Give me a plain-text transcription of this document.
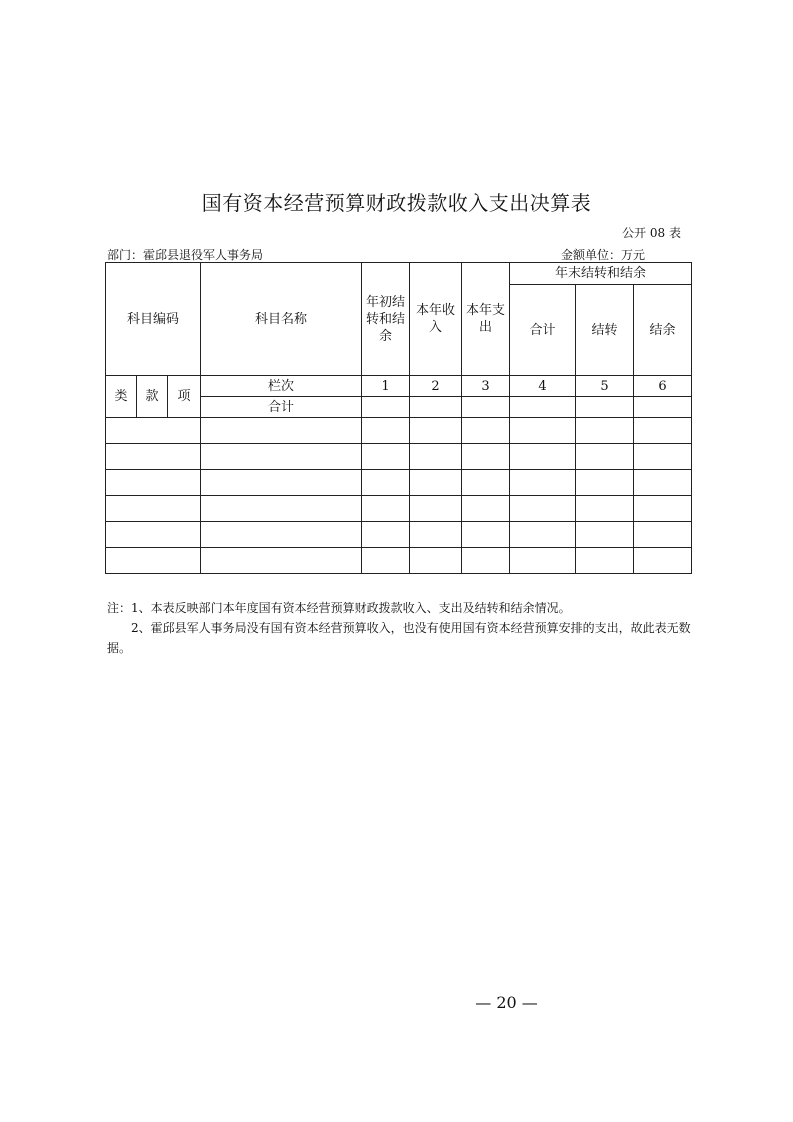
国有资本经营预算财政拨款收入支出决算表
公开 08 表
部门：霍邱县退役军人事务局	金额单位：万元
科目编码			科目名称	年初结转和结余	本年收入	本年支出	年末结转和结余		
							合计	结转	结余
类	款	项	栏次	1	2	3	4	5	6
			合计						

注：1、本表反映部门本年度国有资本经营预算财政拨款收入、支出及结转和结余情况。

2、霍邱县军人事务局没有国有资本经营预算收入，也没有使用国有资本经营预算安排的支出，故此表无数据。

— 20 —
